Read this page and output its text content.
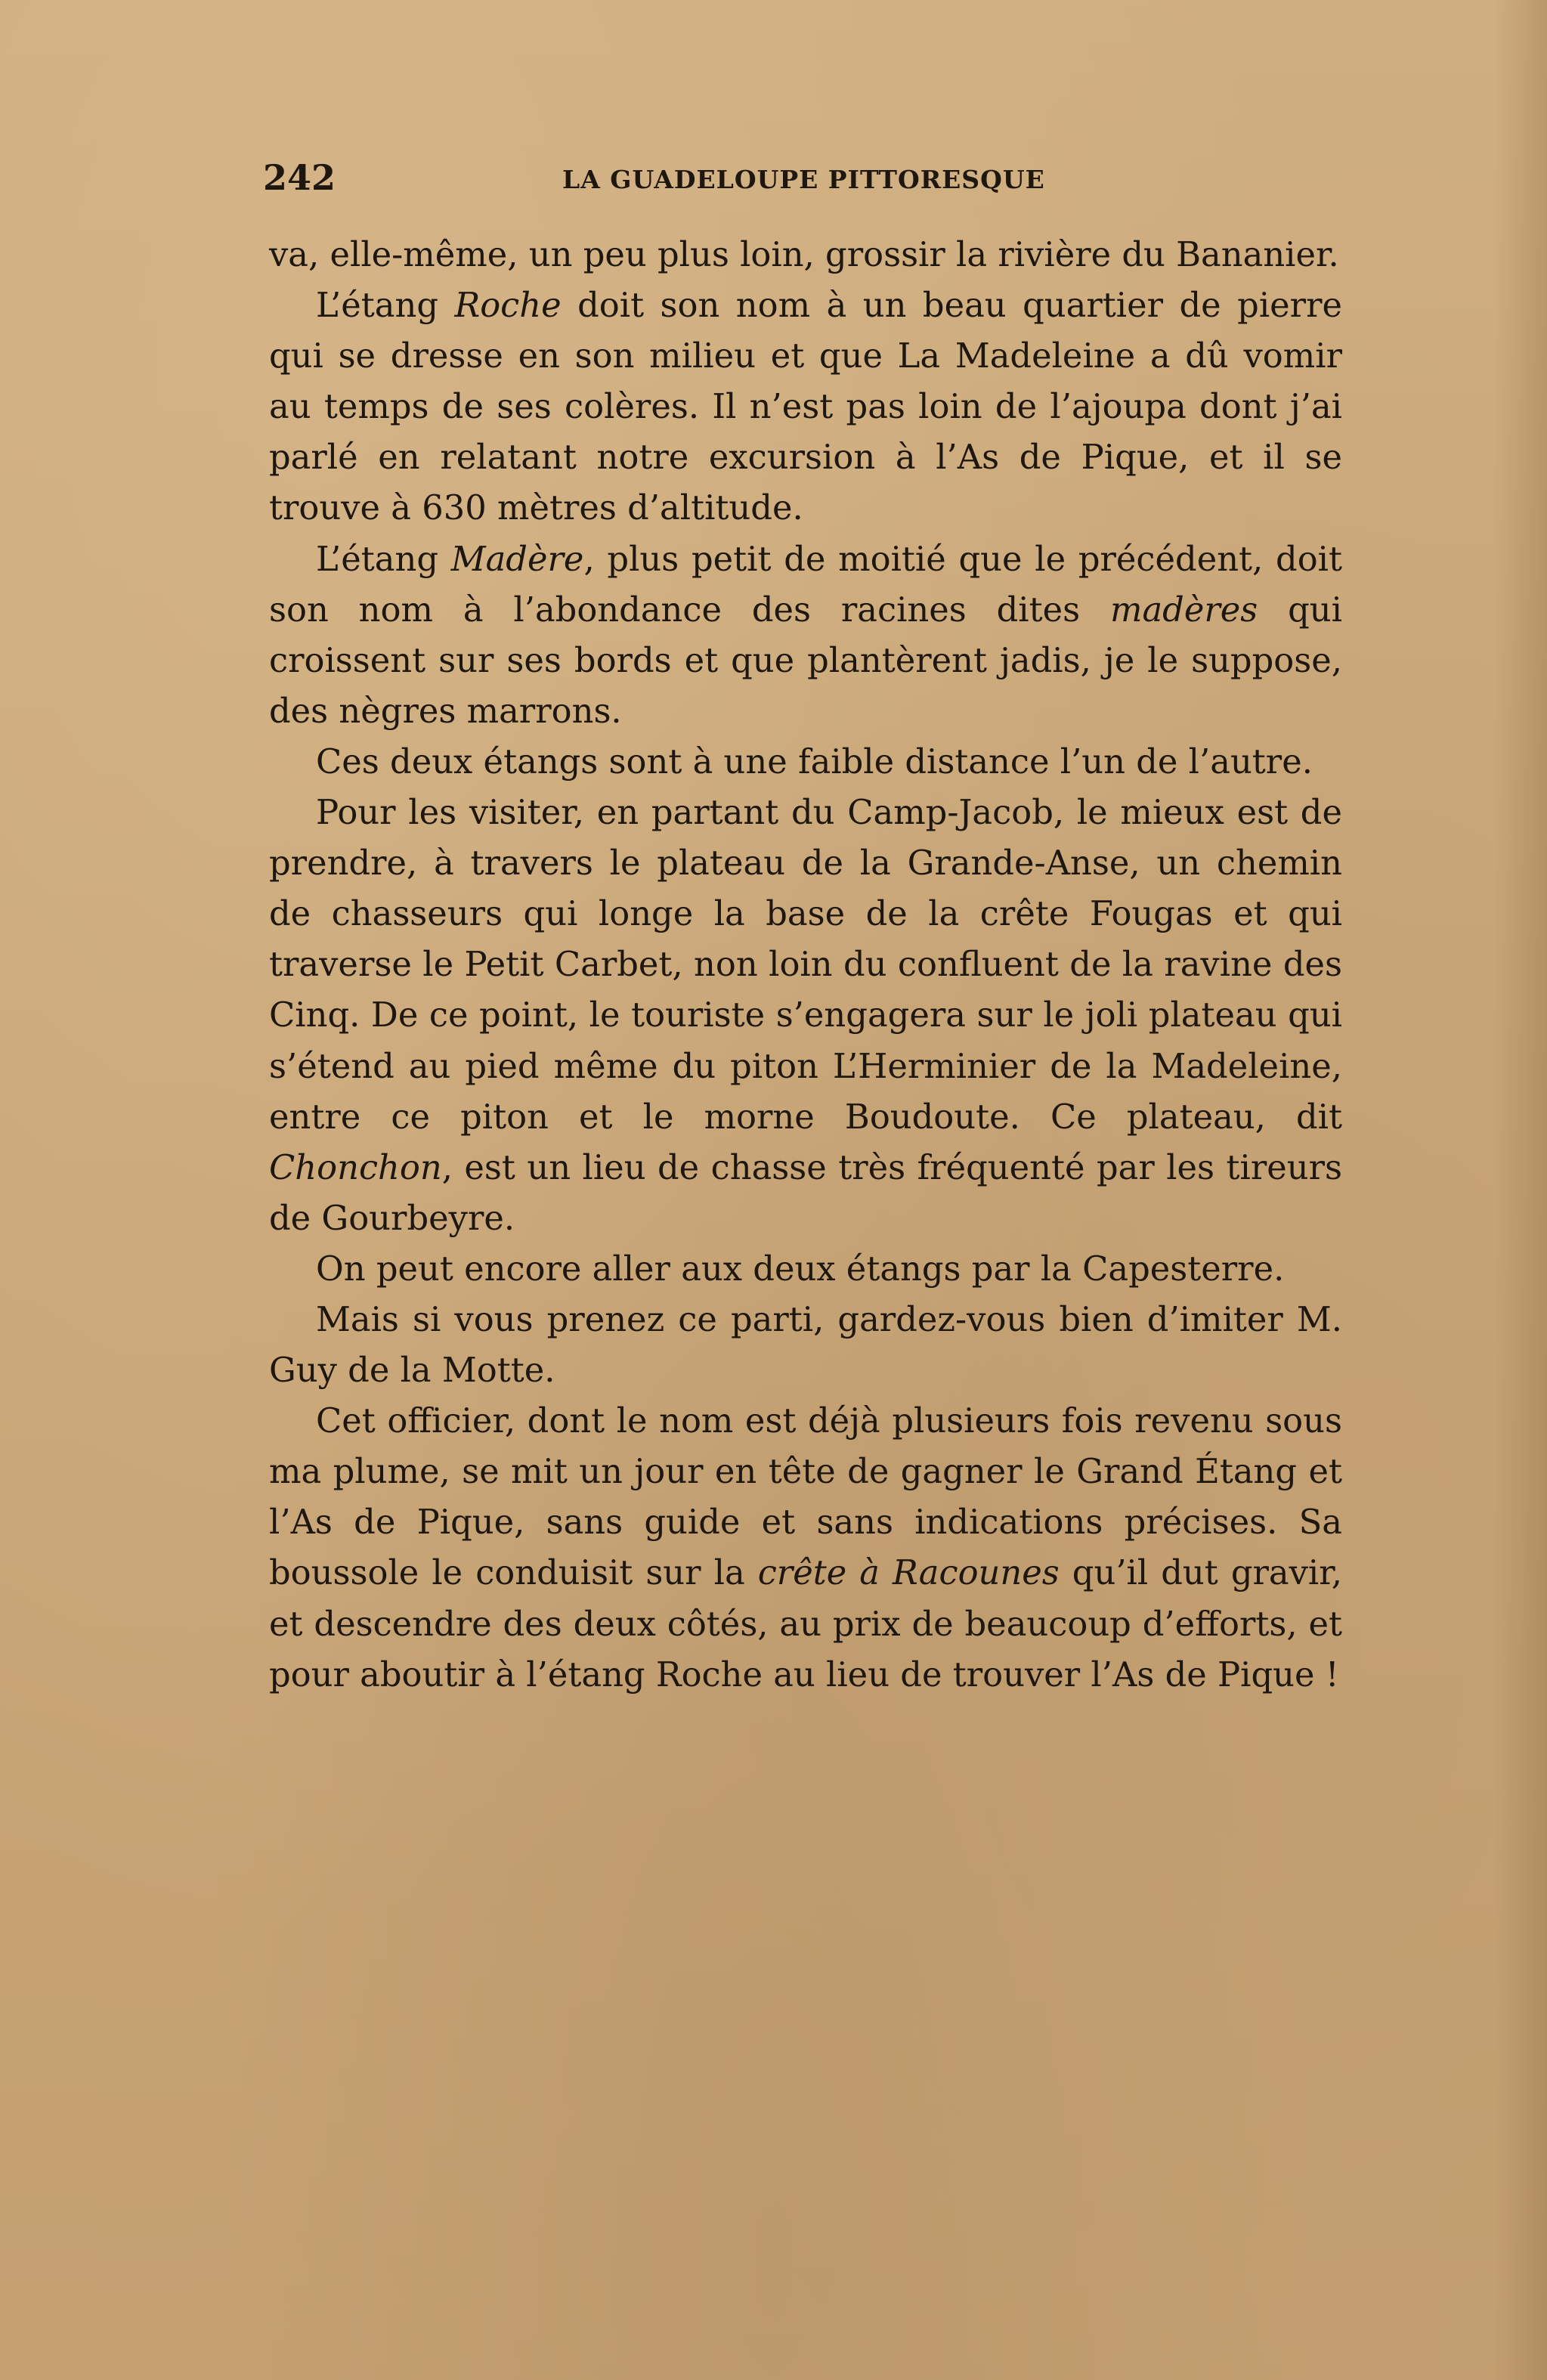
242	LA GUADELOUPE PITTORESQUE

va, elle-même, un peu plus loin, grossir la rivière du Bananier.

L’étang Roche doit son nom à un beau quartier de pierre qui se dresse en son milieu et que La Madeleine a dû vomir au temps de ses colères. Il n’est pas loin de l’ajoupa dont j’ai parlé en relatant notre excursion à l’As de Pique, et il se trouve à 630 mètres d’altitude.

L’étang Madère, plus petit de moitié que le précédent, doit son nom à l’abondance des racines dites madères qui croissent sur ses bords et que plantèrent jadis, je le suppose, des nègres marrons.

Ces deux étangs sont à une faible distance l’un de l’autre.

Pour les visiter, en partant du Camp-Jacob, le mieux est de prendre, à travers le plateau de la Grande-Anse, un chemin de chasseurs qui longe la base de la crête Fougas et qui traverse le Petit Carbet, non loin du confluent de la ravine des Cinq. De ce point, le touriste s’engagera sur le joli plateau qui s’étend au pied même du piton L’Herminier de la Madeleine, entre ce piton et le morne Boudoute. Ce plateau, dit Chonchon, est un lieu de chasse très fréquenté par les tireurs de Gourbeyre.

On peut encore aller aux deux étangs par la Capesterre.

Mais si vous prenez ce parti, gardez-vous bien d’imiter M. Guy de la Motte.

Cet officier, dont le nom est déjà plusieurs fois revenu sous ma plume, se mit un jour en tête de gagner le Grand Étang et l’As de Pique, sans guide et sans indications précises. Sa boussole le conduisit sur la crête à Racounes qu’il dut gravir, et descendre des deux côtés, au prix de beaucoup d’efforts, et pour aboutir à l’étang Roche au lieu de trouver l’As de Pique !
